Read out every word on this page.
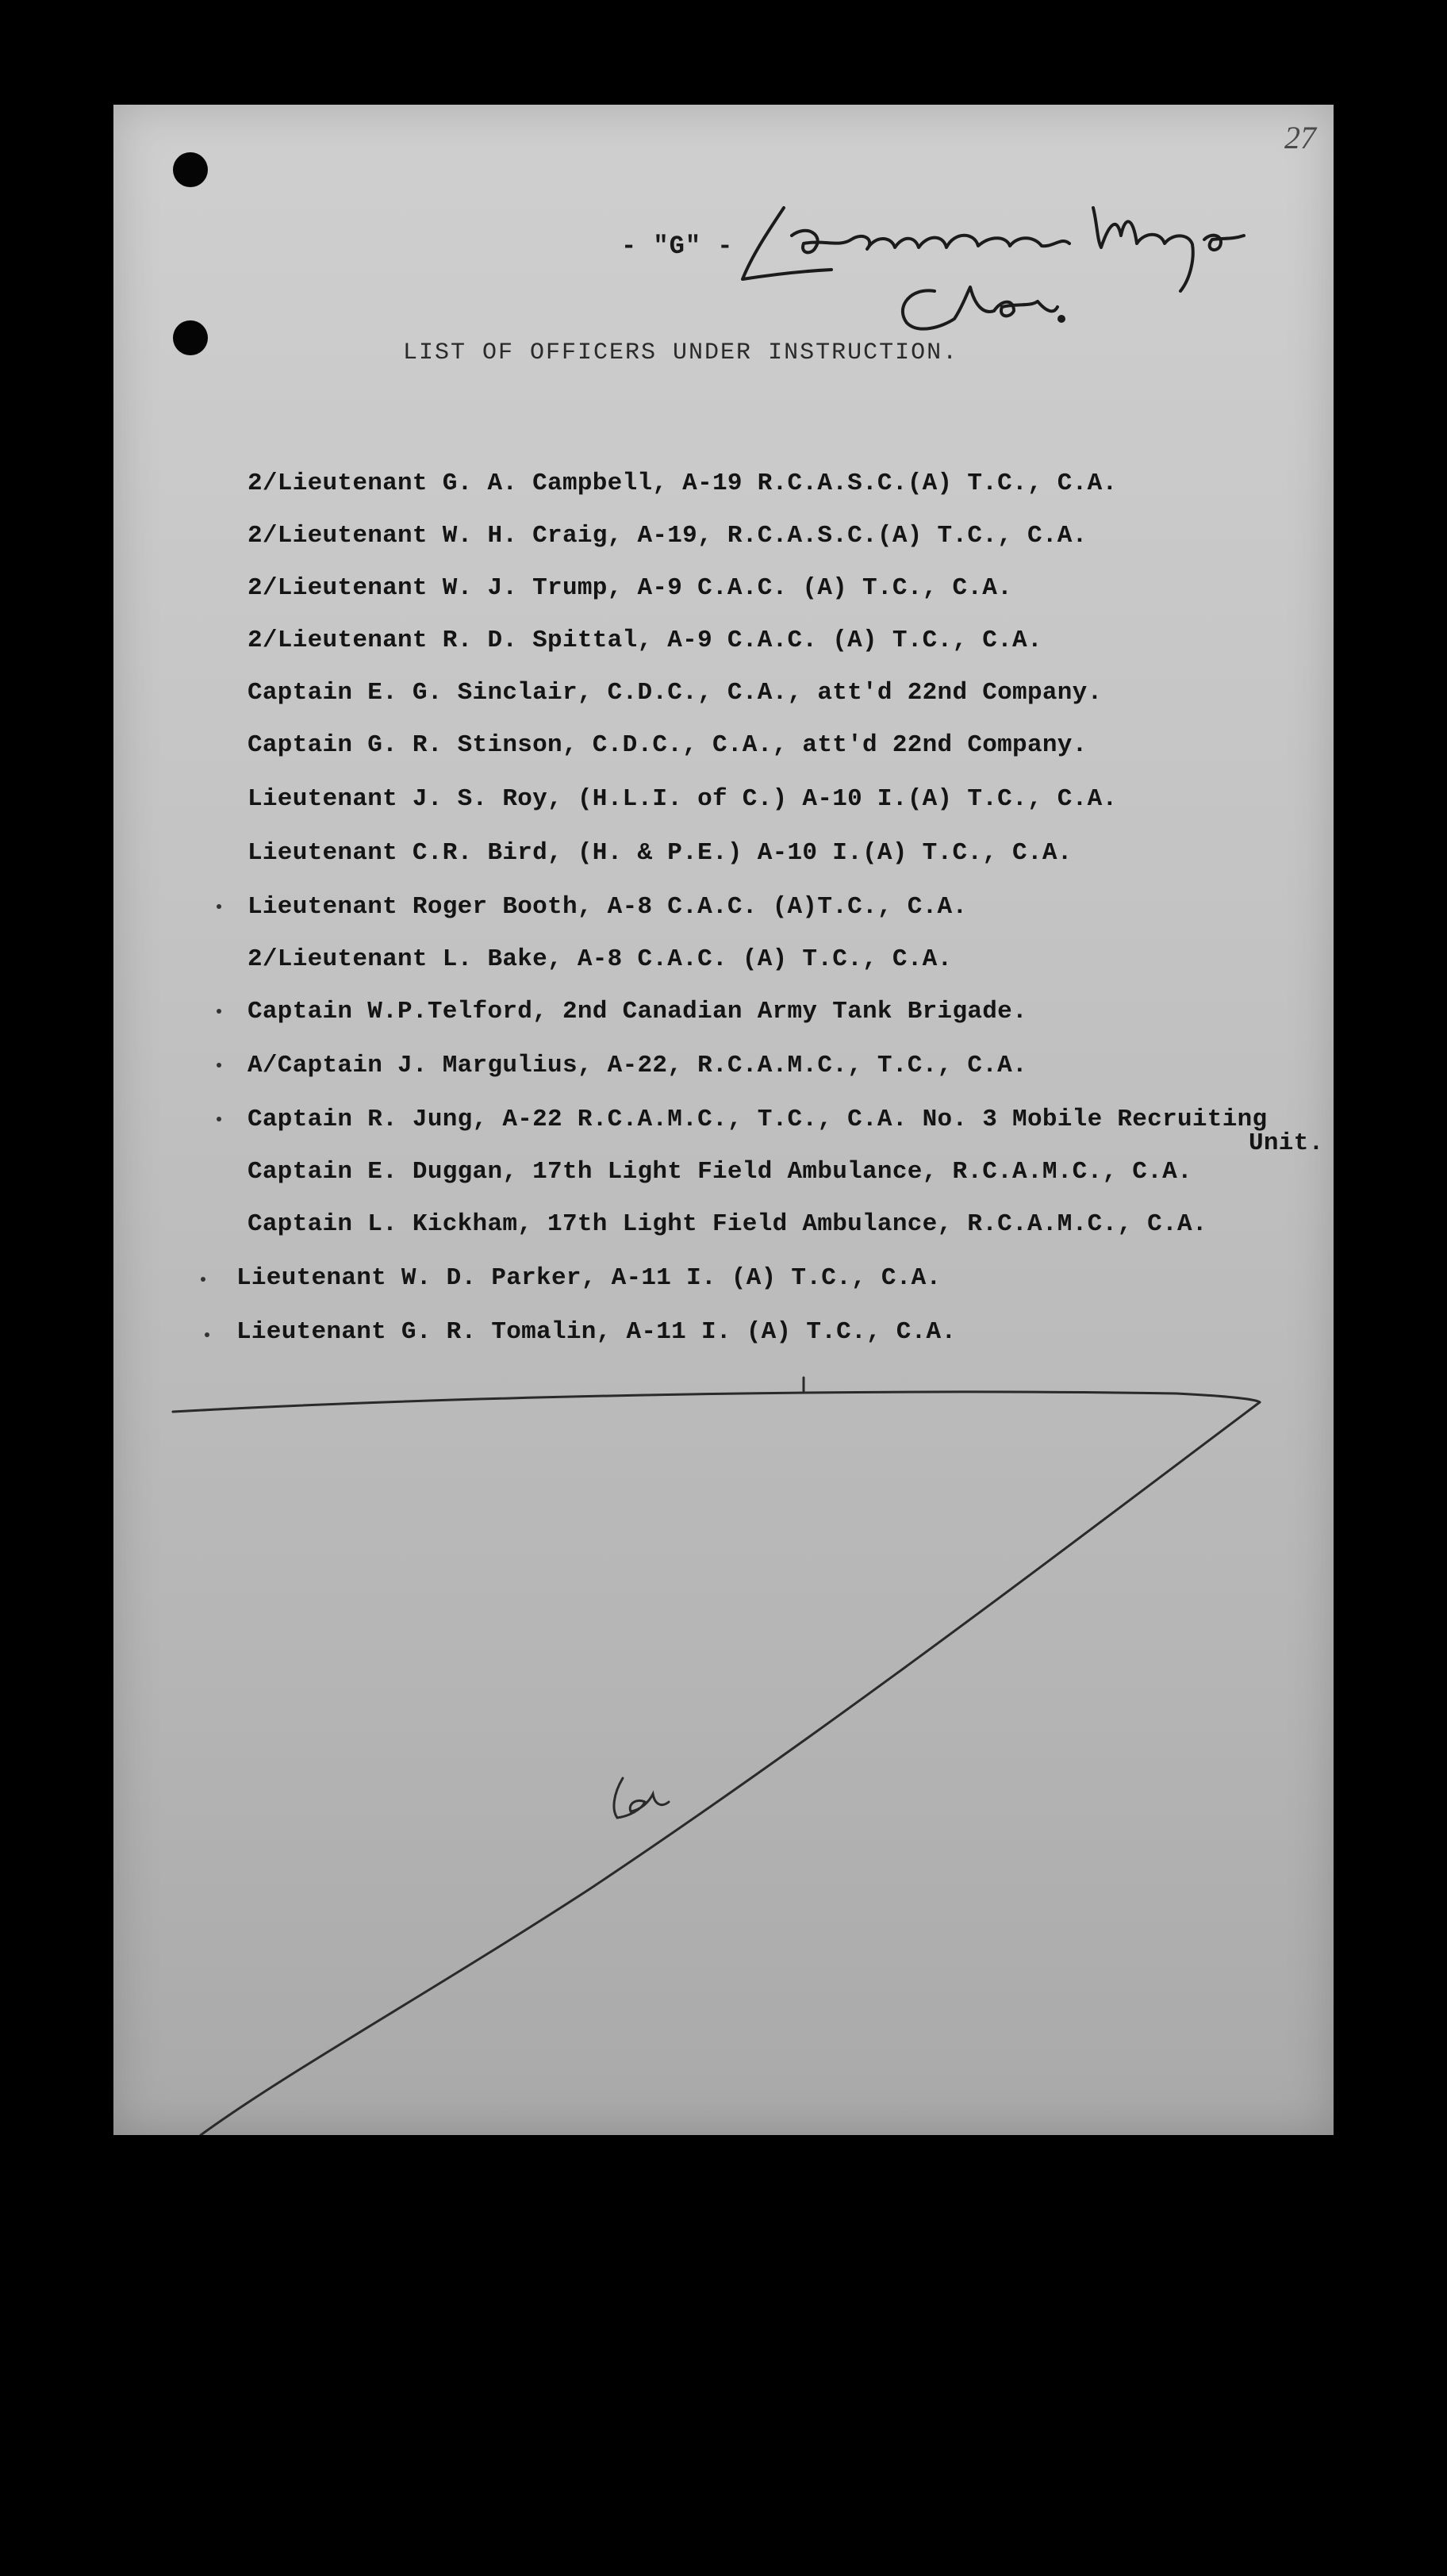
27
- "G" -
LIST OF OFFICERS UNDER INSTRUCTION.
2/Lieutenant G. A. Campbell, A-19 R.C.A.S.C.(A) T.C., C.A.
2/Lieutenant W. H. Craig, A-19, R.C.A.S.C.(A) T.C., C.A.
2/Lieutenant W. J. Trump, A-9 C.A.C. (A) T.C., C.A.
2/Lieutenant R. D. Spittal, A-9 C.A.C. (A) T.C., C.A.
Captain E. G. Sinclair, C.D.C., C.A., att'd 22nd Company.
Captain G. R. Stinson, C.D.C., C.A., att'd 22nd Company.
Lieutenant J. S. Roy, (H.L.I. of C.) A-10 I.(A) T.C., C.A.
Lieutenant C.R. Bird, (H. & P.E.) A-10 I.(A) T.C., C.A.
Lieutenant Roger Booth, A-8 C.A.C. (A)T.C., C.A.
2/Lieutenant L. Bake, A-8 C.A.C. (A) T.C., C.A.
Captain W.P.Telford, 2nd Canadian Army Tank Brigade.
A/Captain J. Margulius, A-22, R.C.A.M.C., T.C., C.A.
Captain R. Jung, A-22 R.C.A.M.C., T.C., C.A. No. 3 Mobile Recruiting
Unit.
Captain E. Duggan, 17th Light Field Ambulance, R.C.A.M.C., C.A.
Captain L. Kickham, 17th Light Field Ambulance, R.C.A.M.C., C.A.
Lieutenant W. D. Parker, A-11 I. (A) T.C., C.A.
Lieutenant G. R. Tomalin, A-11 I. (A) T.C., C.A.
